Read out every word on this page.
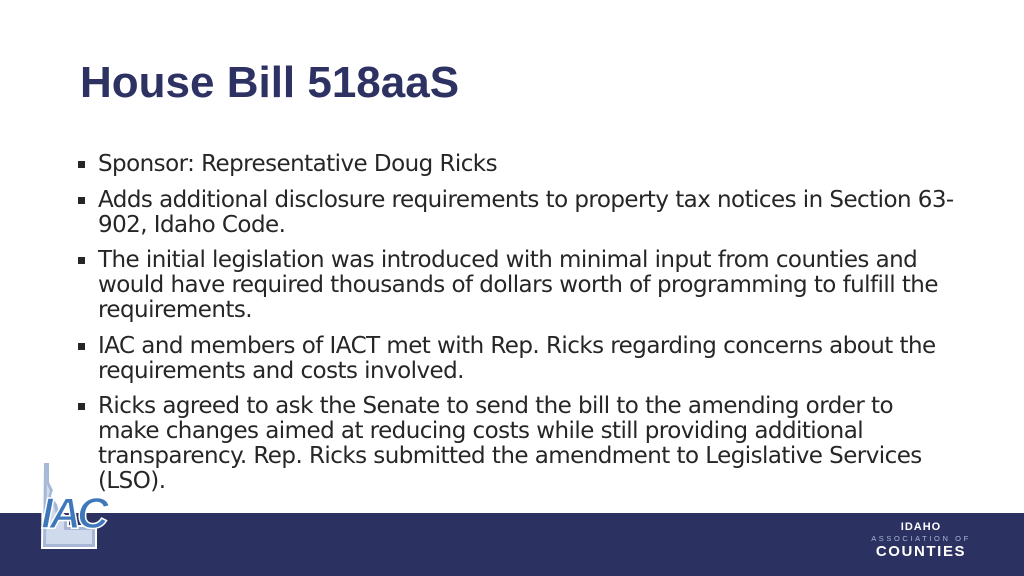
House Bill 518aaS
Sponsor: Representative Doug Ricks
Adds additional disclosure requirements to property tax notices in Section 63-902, Idaho Code.
The initial legislation was introduced with minimal input from counties and would have required thousands of dollars worth of programming to fulfill the requirements.
IAC and members of IACT met with Rep. Ricks regarding concerns about the requirements and costs involved.
Ricks agreed to ask the Senate to send the bill to the amending order to make changes aimed at reducing costs while still providing additional transparency. Rep. Ricks submitted the amendment to Legislative Services (LSO).
IAC	IDAHO
ASSOCIATION OF
COUNTIES
